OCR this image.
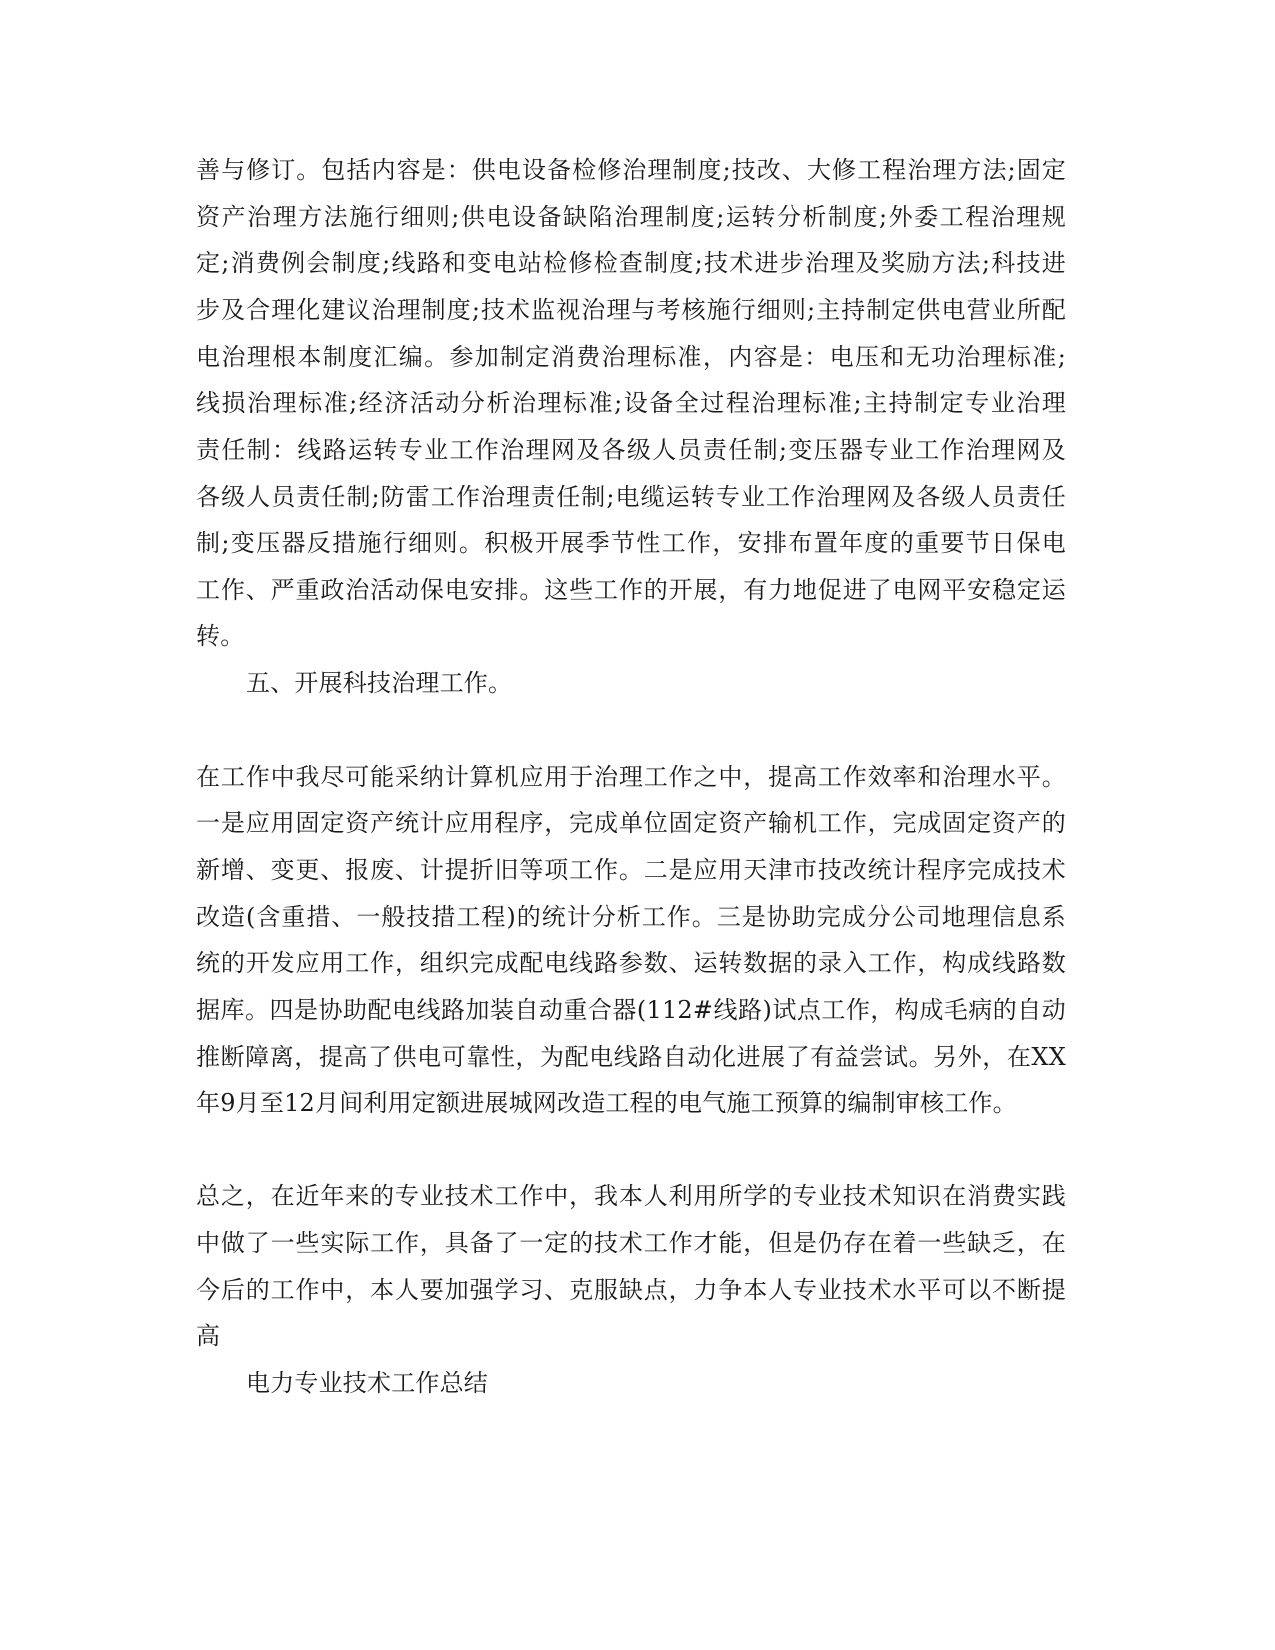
善与修订。包括内容是：供电设备检修治理制度;技改、大修工程治理方法;固定
资产治理方法施行细则;供电设备缺陷治理制度;运转分析制度;外委工程治理规
定;消费例会制度;线路和变电站检修检查制度;技术进步治理及奖励方法;科技进
步及合理化建议治理制度;技术监视治理与考核施行细则;主持制定供电营业所配
电治理根本制度汇编。参加制定消费治理标准，内容是：电压和无功治理标准;
线损治理标准;经济活动分析治理标准;设备全过程治理标准;主持制定专业治理
责任制：线路运转专业工作治理网及各级人员责任制;变压器专业工作治理网及
各级人员责任制;防雷工作治理责任制;电缆运转专业工作治理网及各级人员责任
制;变压器反措施行细则。积极开展季节性工作，安排布置年度的重要节日保电
工作、严重政治活动保电安排。这些工作的开展，有力地促进了电网平安稳定运
转。
五、开展科技治理工作。
在工作中我尽可能采纳计算机应用于治理工作之中，提高工作效率和治理水平。
一是应用固定资产统计应用程序，完成单位固定资产输机工作，完成固定资产的
新增、变更、报废、计提折旧等项工作。二是应用天津市技改统计程序完成技术
改造(含重措、一般技措工程)的统计分析工作。三是协助完成分公司地理信息系
统的开发应用工作，组织完成配电线路参数、运转数据的录入工作，构成线路数
据库。四是协助配电线路加装自动重合器(112#线路)试点工作，构成毛病的自动
推断障离，提高了供电可靠性，为配电线路自动化进展了有益尝试。另外，在XX
年9月至12月间利用定额进展城网改造工程的电气施工预算的编制审核工作。
总之，在近年来的专业技术工作中，我本人利用所学的专业技术知识在消费实践
中做了一些实际工作，具备了一定的技术工作才能，但是仍存在着一些缺乏，在
今后的工作中，本人要加强学习、克服缺点，力争本人专业技术水平可以不断提
高
电力专业技术工作总结
